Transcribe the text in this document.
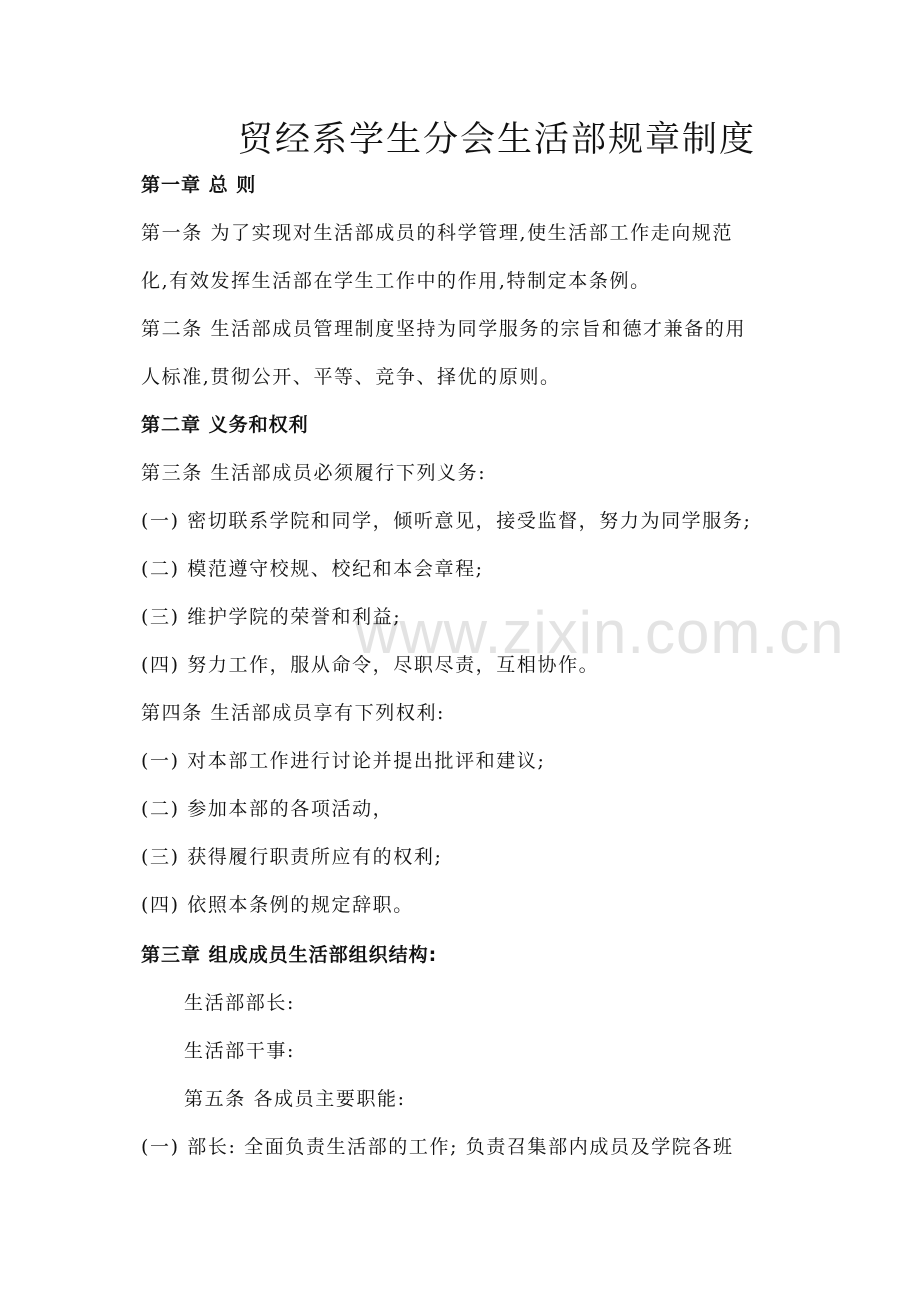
www.zixin.com.cn
贸经系学生分会生活部规章制度
第一章 总 则
第一条 为了实现对生活部成员的科学管理,使生活部工作走向规范
化,有效发挥生活部在学生工作中的作用,特制定本条例。
第二条 生活部成员管理制度坚持为同学服务的宗旨和德才兼备的用
人标准,贯彻公开、平等、竞争、择优的原则。
第二章 义务和权利
第三条 生活部成员必须履行下列义务:
(一) 密切联系学院和同学，倾听意见，接受监督，努力为同学服务;
(二) 模范遵守校规、校纪和本会章程;
(三) 维护学院的荣誉和利益;
(四) 努力工作，服从命令，尽职尽责，互相协作。
第四条 生活部成员享有下列权利:
(一) 对本部工作进行讨论并提出批评和建议;
(二) 参加本部的各项活动，
(三) 获得履行职责所应有的权利;
(四) 依照本条例的规定辞职。
第三章 组成成员生活部组织结构:
生活部部长:
生活部干事:
第五条 各成员主要职能:
(一) 部长: 全面负责生活部的工作; 负责召集部内成员及学院各班
